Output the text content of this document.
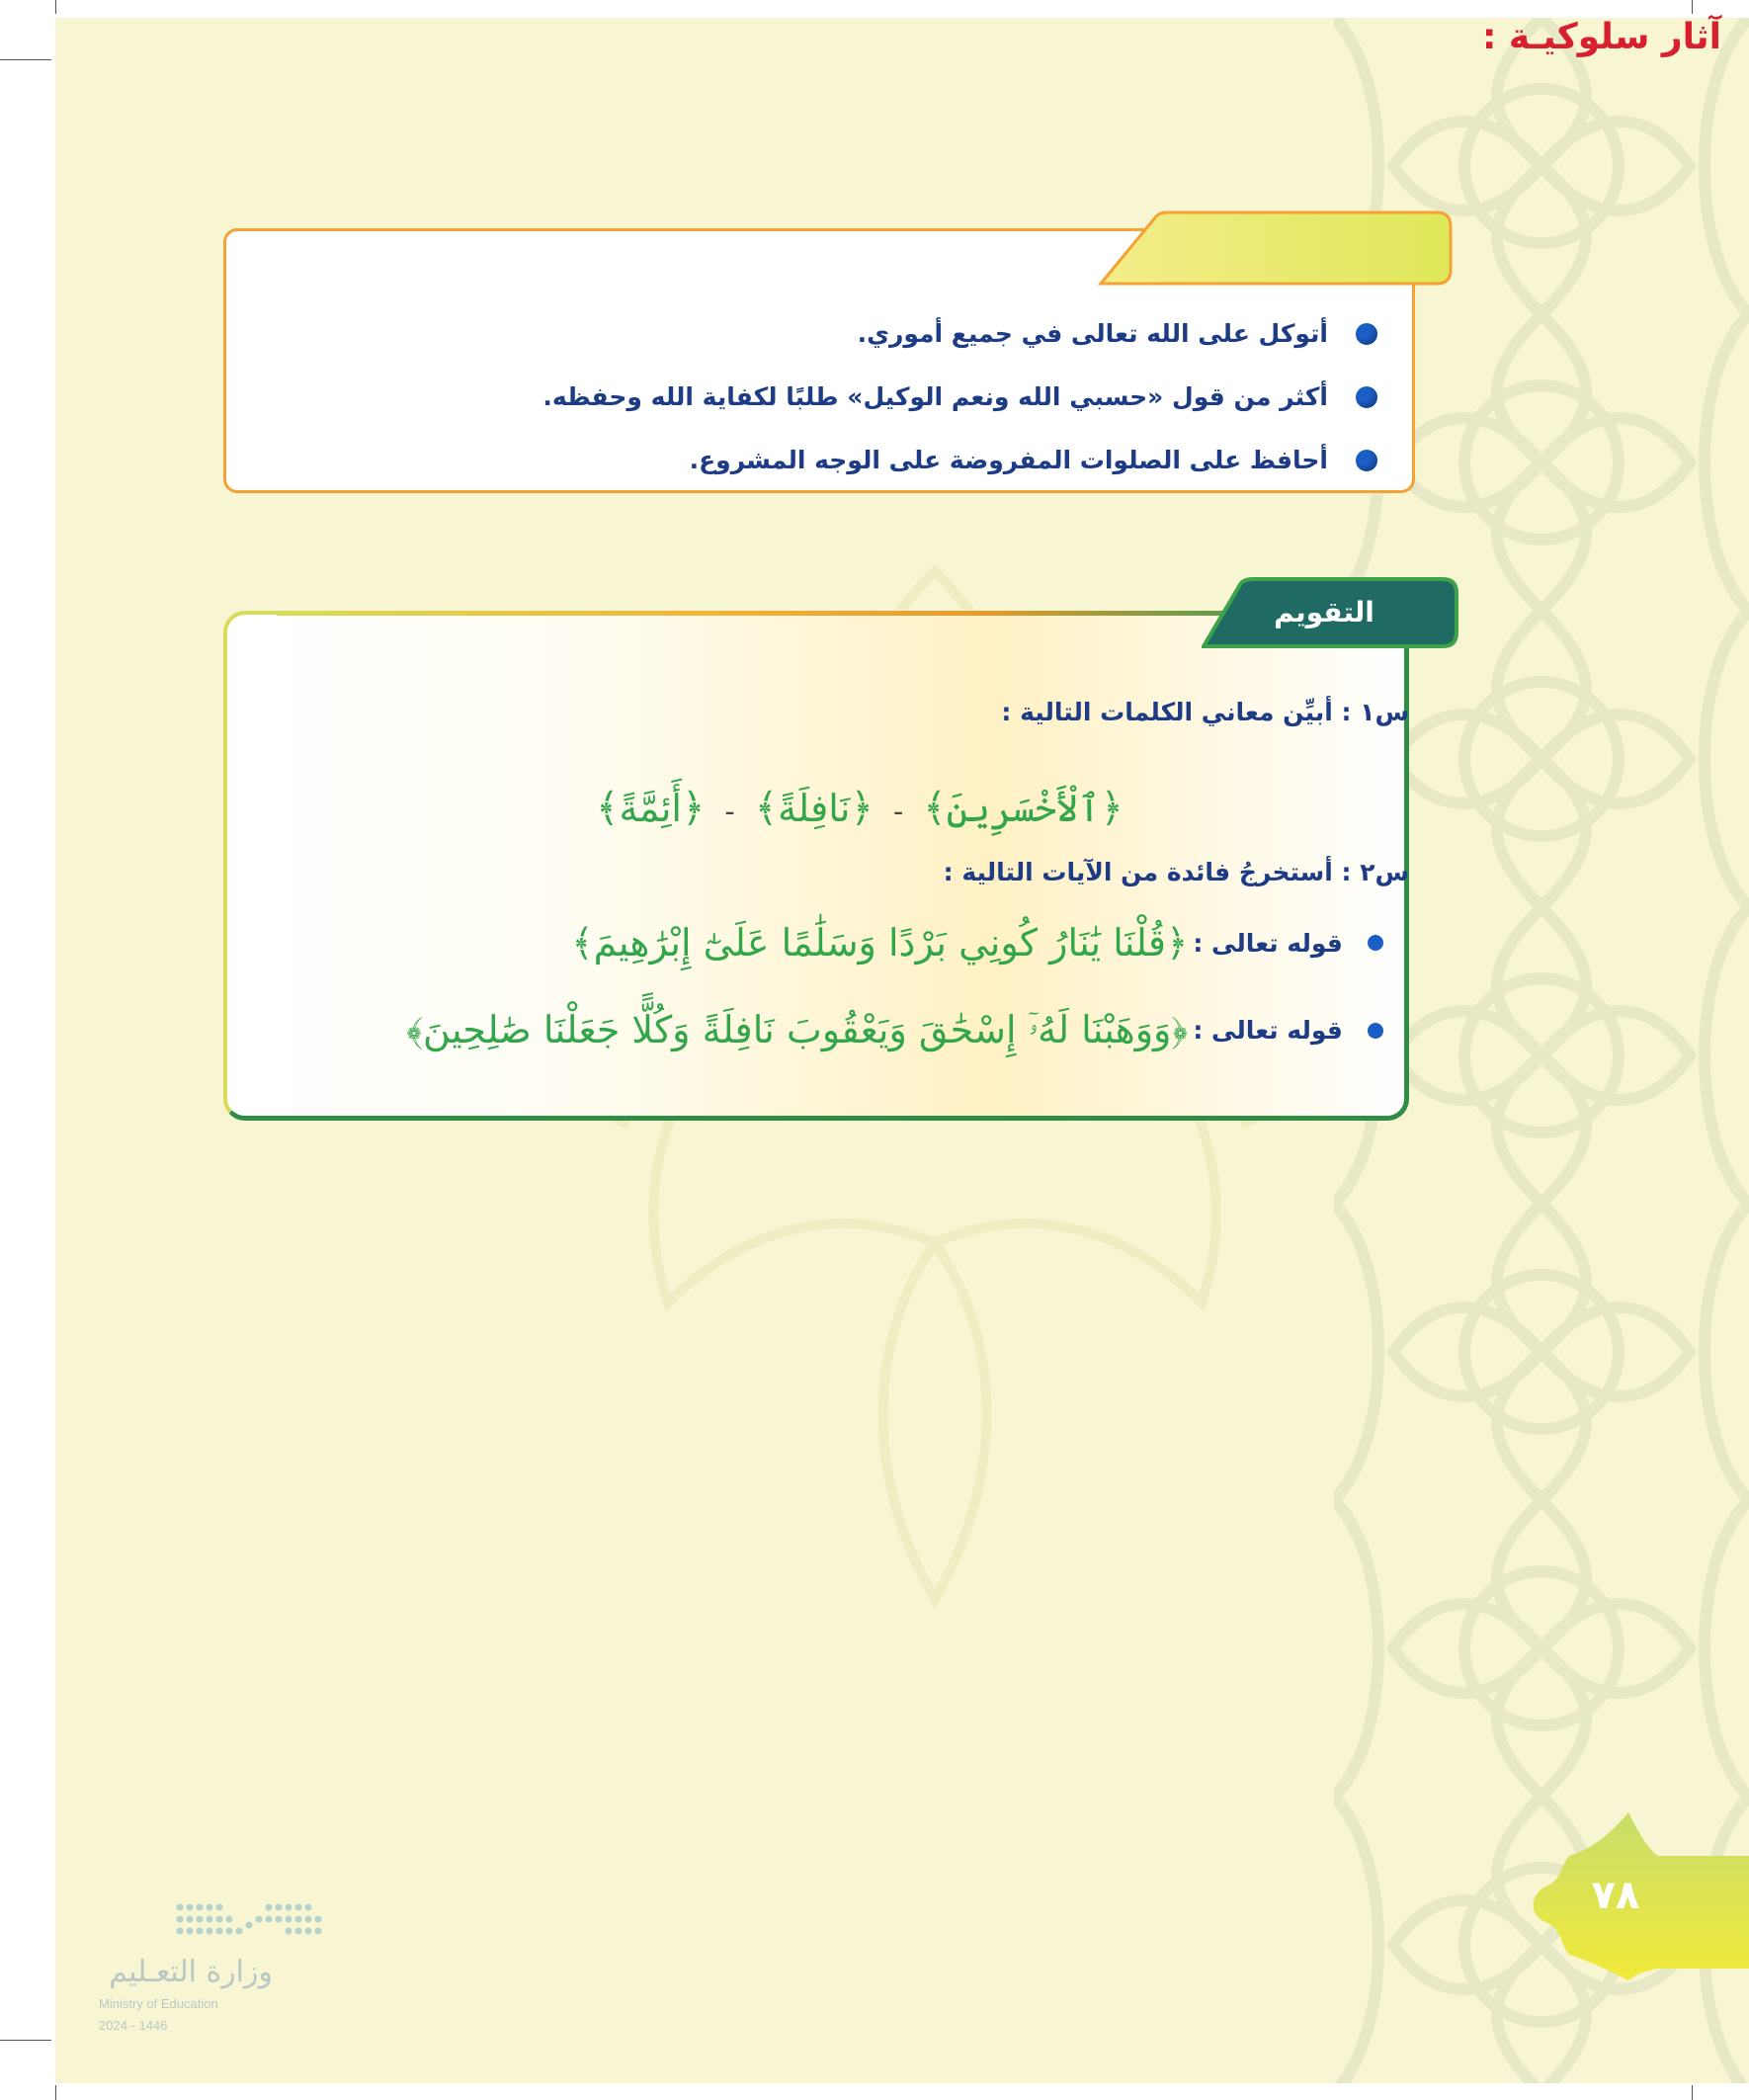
آثار سلوكيـة :
أتوكل على الله تعالى في جميع أموري.
أكثر من قول «حسبي الله ونعم الوكيل» طلبًا لكفاية الله وحفظه.
أحافظ على الصلوات المفروضة على الوجه المشروع.
التقويم
س١ : أبيِّن معاني الكلمات التالية :
﴿ٱلْأَخْسَرِينَ﴾ - ﴿نَافِلَةً﴾ - ﴿أَئِمَّةً﴾
س٢ : أستخرجُ فائدة من الآيات التالية :
قوله تعالى : ﴿قُلْنَا يَٰنَارُ كُونِي بَرْدًا وَسَلَٰمًا عَلَىٰٓ إِبْرَٰهِيمَ﴾
قوله تعالى : ﴿وَوَهَبْنَا لَهُۥٓ إِسْحَٰقَ وَيَعْقُوبَ نَافِلَةً وَكُلًّا جَعَلْنَا صَٰلِحِينَ﴾
٧٨
وزارة التعـليم
Ministry of Education
2024 - 1446
